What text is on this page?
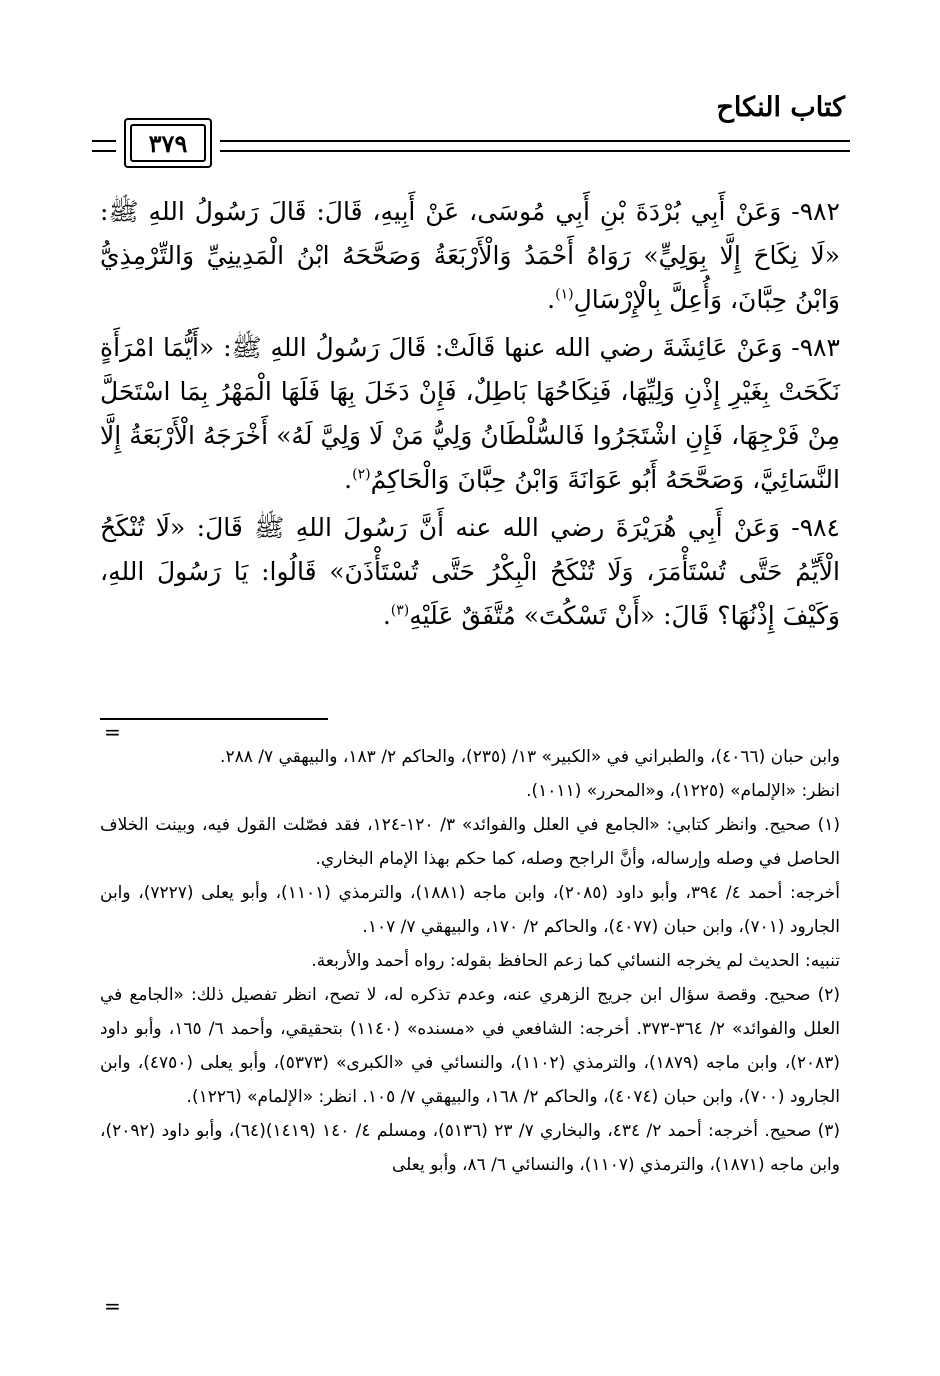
كتاب النكاح
٣٧٩

٩٨٢- وَعَنْ أَبِي بُرْدَةَ بْنِ أَبِي مُوسَى، عَنْ أَبِيهِ، قَالَ: قَالَ رَسُولُ اللهِ ﷺ: «لَا نِكَاحَ إِلَّا بِوَلِيٍّ» رَوَاهُ أَحْمَدُ وَالْأَرْبَعَةُ وَصَحَّحَهُ ابْنُ الْمَدِينِيِّ وَالتِّرْمِذِيُّ وَابْنُ حِبَّانَ، وَأُعِلَّ بِالْإِرْسَالِ$^{(١)}$.

٩٨٣- وَعَنْ عَائِشَةَ رضي الله عنها قَالَتْ: قَالَ رَسُولُ اللهِ ﷺ: «أَيُّمَا امْرَأَةٍ نَكَحَتْ بِغَيْرِ إِذْنِ وَلِيِّهَا، فَنِكَاحُهَا بَاطِلٌ، فَإِنْ دَخَلَ بِهَا فَلَهَا الْمَهْرُ بِمَا اسْتَحَلَّ مِنْ فَرْجِهَا، فَإِنِ اشْتَجَرُوا فَالسُّلْطَانُ وَلِيُّ مَنْ لَا وَلِيَّ لَهُ» أَخْرَجَهُ الْأَرْبَعَةُ إِلَّا النَّسَائِيَّ، وَصَحَّحَهُ أَبُو عَوَانَةَ وَابْنُ حِبَّانَ وَالْحَاكِمُ$^{(٢)}$.

٩٨٤- وَعَنْ أَبِي هُرَيْرَةَ رضي الله عنه أَنَّ رَسُولَ اللهِ ﷺ قَالَ: «لَا تُنْكَحُ الْأَيِّمُ حَتَّى تُسْتَأْمَرَ، وَلَا تُنْكَحُ الْبِكْرُ حَتَّى تُسْتَأْذَنَ» قَالُوا: يَا رَسُولَ اللهِ، وَكَيْفَ إِذْنُهَا؟ قَالَ: «أَنْ تَسْكُتَ» مُتَّفَقٌ عَلَيْهِ$^{(٣)}$.

=

وابن حبان (٤٠٦٦)، والطبراني في «الكبير» ١٣/ (٢٣٥)، والحاكم ٢/ ١٨٣، والبيهقي ٧/ ٢٨٨.

انظر: «الإلمام» (١٢٢٥)، و«المحرر» (١٠١١).

(١) صحيح. وانظر كتابي: «الجامع في العلل والفوائد» ٣/ ١٢٠-١٢٤، فقد فصّلت القول فيه، وبينت الخلاف الحاصل في وصله وإرساله، وأنَّ الراجح وصله، كما حكم بهذا الإمام البخاري.

أخرجه: أحمد ٤/ ٣٩٤، وأبو داود (٢٠٨٥)، وابن ماجه (١٨٨١)، والترمذي (١١٠١)، وأبو يعلى (٧٢٢٧)، وابن الجارود (٧٠١)، وابن حبان (٤٠٧٧)، والحاكم ٢/ ١٧٠، والبيهقي ٧/ ١٠٧.

تنبيه: الحديث لم يخرجه النسائي كما زعم الحافظ بقوله: رواه أحمد والأربعة.

(٢) صحيح. وقصة سؤال ابن جريج الزهري عنه، وعدم تذكره له، لا تصح، انظر تفصيل ذلك: «الجامع في العلل والفوائد» ٢/ ٣٦٤-٣٧٣. أخرجه: الشافعي في «مسنده» (١١٤٠) بتحقيقي، وأحمد ٦/ ١٦٥، وأبو داود (٢٠٨٣)، وابن ماجه (١٨٧٩)، والترمذي (١١٠٢)، والنسائي في «الكبرى» (٥٣٧٣)، وأبو يعلى (٤٧٥٠)، وابن الجارود (٧٠٠)، وابن حبان (٤٠٧٤)، والحاكم ٢/ ١٦٨، والبيهقي ٧/ ١٠٥. انظر: «الإلمام» (١٢٢٦).

(٣) صحيح. أخرجه: أحمد ٢/ ٤٣٤، والبخاري ٧/ ٢٣ (٥١٣٦)، ومسلم ٤/ ١٤٠ (١٤١٩)(٦٤)، وأبو داود (٢٠٩٢)، وابن ماجه (١٨٧١)، والترمذي (١١٠٧)، والنسائي ٦/ ٨٦، وأبو يعلى

=
